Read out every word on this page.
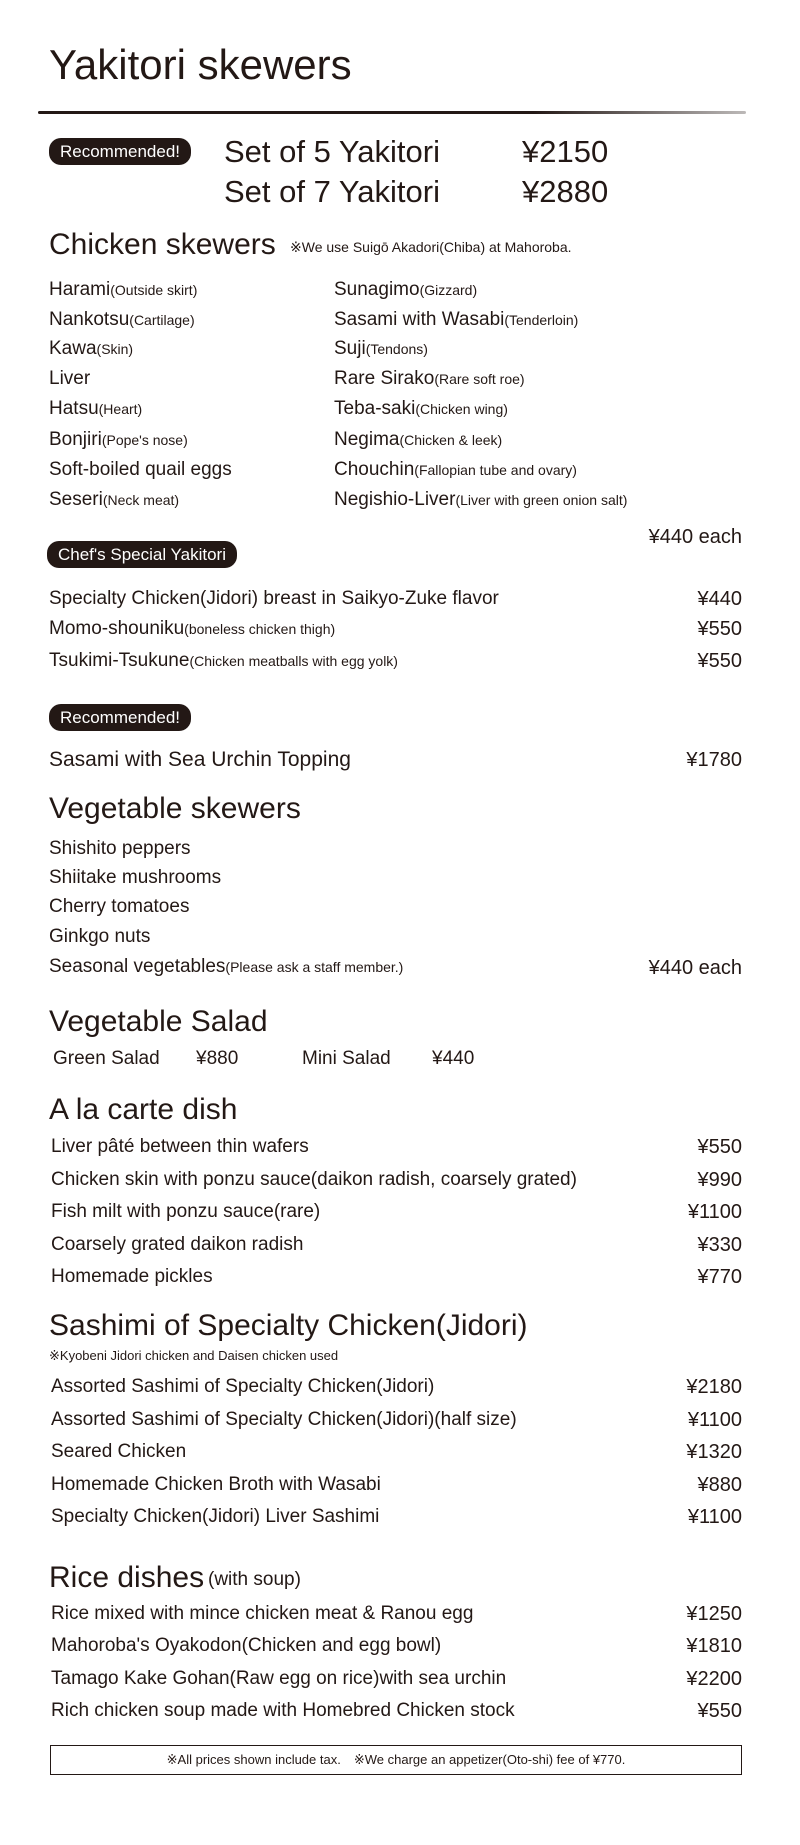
Yakitori skewers
Recommended!	Set of 5 Yakitori	¥2150
Set of 7 Yakitori	¥2880
Chicken skewers ※We use Suigō Akadori(Chiba) at Mahoroba.
¥440 each
Chef's Special Yakitori
Recommended!
Sasami with Sea Urchin Topping	¥1780
Vegetable skewers
¥440 each
Vegetable Salad
Green Salad ¥880	Mini Salad ¥440
A la carte dish
Sashimi of Specialty Chicken(Jidori)
※Kyobeni Jidori chicken and Daisen chicken used
Rice dishes (with soup)
※All prices shown include tax.　※We charge an appetizer(Oto-shi) fee of ¥770.
Harami(Outside skirt)
Nankotsu(Cartilage)
Kawa(Skin)
Liver
Hatsu(Heart)
Bonjiri(Pope's nose)
Soft-boiled quail eggs
Seseri(Neck meat)
Sunagimo(Gizzard)
Sasami with Wasabi(Tenderloin)
Suji(Tendons)
Rare Sirako(Rare soft roe)
Teba-saki(Chicken wing)
Negima(Chicken & leek)
Chouchin(Fallopian tube and ovary)
Negishio-Liver(Liver with green onion salt)
Specialty Chicken(Jidori) breast in Saikyo-Zuke flavor	¥440
Momo-shouniku(boneless chicken thigh)	¥550
Tsukimi-Tsukune(Chicken meatballs with egg yolk)	¥550
Shishito peppers
Shiitake mushrooms
Cherry tomatoes
Ginkgo nuts
Seasonal vegetables(Please ask a staff member.)
Liver pâté between thin wafers	¥550
Chicken skin with ponzu sauce(daikon radish, coarsely grated)	¥990
Fish milt with ponzu sauce(rare)	¥1100
Coarsely grated daikon radish	¥330
Homemade pickles	¥770
Assorted Sashimi of Specialty Chicken(Jidori)	¥2180
Assorted Sashimi of Specialty Chicken(Jidori)(half size)	¥1100
Seared Chicken	¥1320
Homemade Chicken Broth with Wasabi	¥880
Specialty Chicken(Jidori) Liver Sashimi	¥1100
Rice mixed with mince chicken meat & Ranou egg	¥1250
Mahoroba's Oyakodon(Chicken and egg bowl)	¥1810
Tamago Kake Gohan(Raw egg on rice)with sea urchin	¥2200
Rich chicken soup made with Homebred Chicken stock	¥550
